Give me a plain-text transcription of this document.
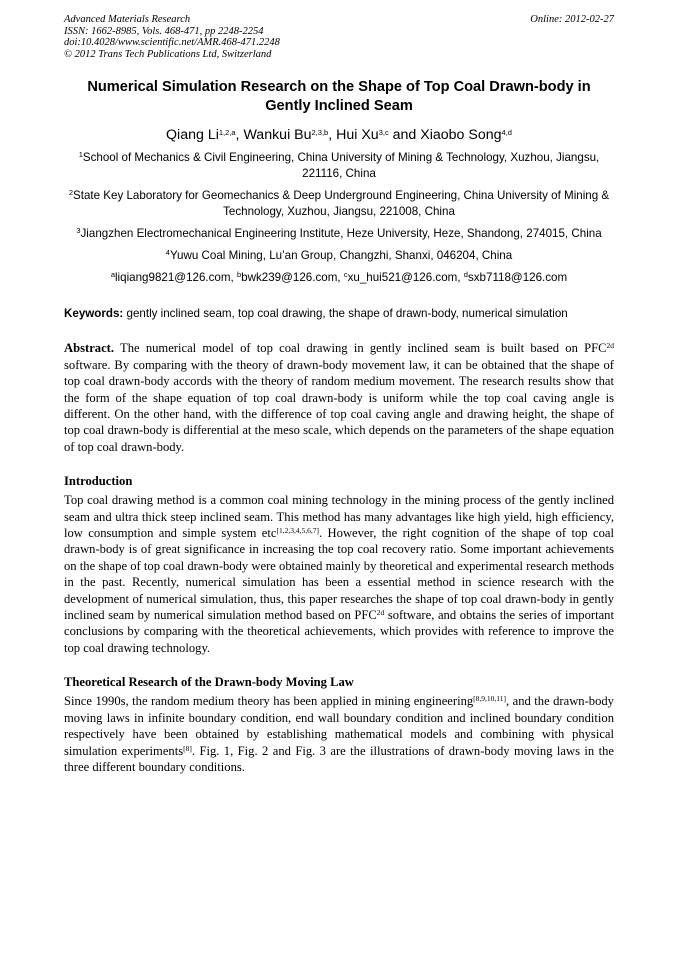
Advanced Materials Research
ISSN: 1662-8985, Vols. 468-471, pp 2248-2254
doi:10.4028/www.scientific.net/AMR.468-471.2248
© 2012 Trans Tech Publications Ltd, Switzerland
Online: 2012-02-27
Numerical Simulation Research on the Shape of Top Coal Drawn-body in Gently Inclined Seam
Qiang Li$^{1,2,a}$, Wankui Bu$^{2,3,b}$, Hui Xu$^{3,c}$ and Xiaobo Song$^{4,d}$
$^1$School of Mechanics & Civil Engineering, China University of Mining & Technology, Xuzhou, Jiangsu, 221116, China
$^2$State Key Laboratory for Geomechanics & Deep Underground Engineering, China University of Mining & Technology, Xuzhou, Jiangsu, 221008, China
$^3$Jiangzhen Electromechanical Engineering Institute, Heze University, Heze, Shandong, 274015, China
$^4$Yuwu Coal Mining, Lu’an Group, Changzhi, Shanxi, 046204, China
$^a$liqiang9821@126.com, $^b$bwk239@126.com, $^c$xu_hui521@126.com, $^d$sxb7118@126.com
Keywords: gently inclined seam, top coal drawing, the shape of drawn-body, numerical simulation
Abstract. The numerical model of top coal drawing in gently inclined seam is built based on $PFC^{2d}$ software. By comparing with the theory of drawn-body movement law, it can be obtained that the shape of top coal drawn-body accords with the theory of random medium movement. The research results show that the form of the shape equation of top coal drawn-body is uniform while the top coal caving angle is different. On the other hand, with the difference of top coal caving angle and drawing height, the shape of top coal drawn-body is differential at the meso scale, which depends on the parameters of the shape equation of top coal drawn-body.
Introduction
Top coal drawing method is a common coal mining technology in the mining process of the gently inclined seam and ultra thick steep inclined seam. This method has many advantages like high yield, high efficiency, low consumption and simple system etc[1,2,3,4,5,6,7]. However, the right cognition of the shape of top coal drawn-body is of great significance in increasing the top coal recovery ratio. Some important achievements on the shape of top coal drawn-body were obtained mainly by theoretical and experimental research methods in the past. Recently, numerical simulation has been a essential method in science research with the development of numerical simulation, thus, this paper researches the shape of top coal drawn-body in gently inclined seam by numerical simulation method based on $PFC^{2d}$ software, and obtains the series of important conclusions by comparing with the theoretical achievements, which provides with reference to improve the top coal drawing technology.
Theoretical Research of the Drawn-body Moving Law
Since 1990s, the random medium theory has been applied in mining engineering[8,9,10,11], and the drawn-body moving laws in infinite boundary condition, end wall boundary condition and inclined boundary condition respectively have been obtained by establishing mathematical models and combining with physical simulation experiments[8]. Fig. 1, Fig. 2 and Fig. 3 are the illustrations of drawn-body moving laws in the three different boundary conditions.
